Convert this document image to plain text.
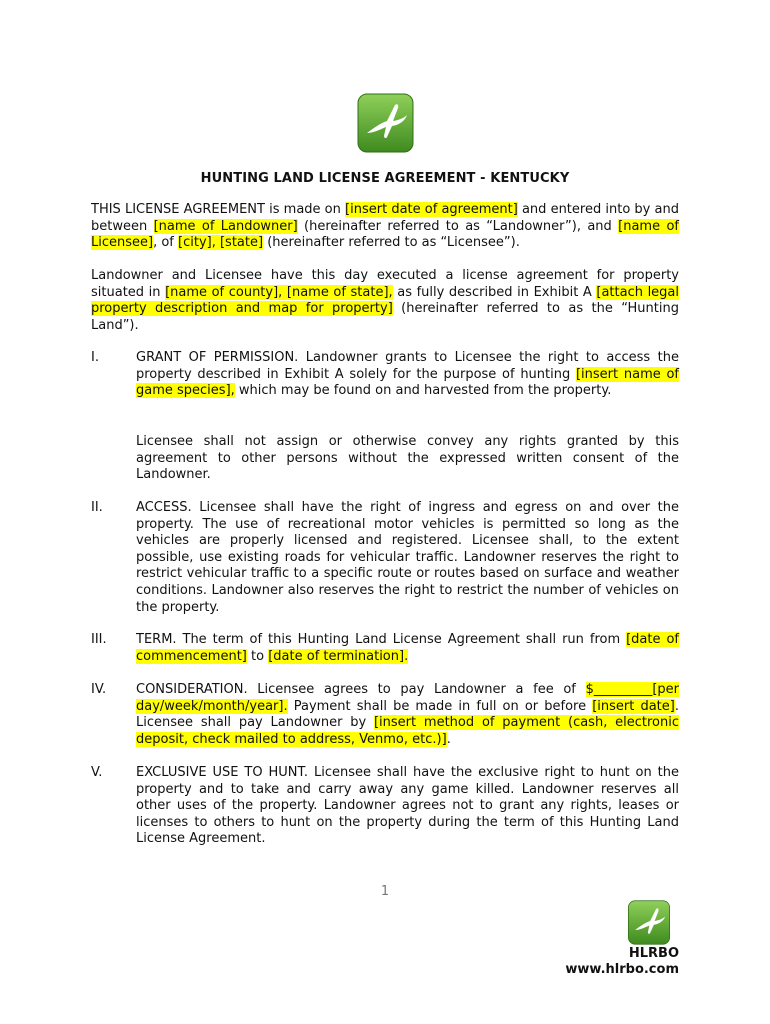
HUNTING LAND LICENSE AGREEMENT - KENTUCKY

THIS LICENSE AGREEMENT is made on [insert date of agreement] and entered into by and between [name of Landowner] (hereinafter referred to as “Landowner”), and [name of Licensee], of [city], [state] (hereinafter referred to as “Licensee”).

Landowner and Licensee have this day executed a license agreement for property situated in [name of county], [name of state], as fully described in Exhibit A [attach legal property description and map for property] (hereinafter referred to as the “Hunting Land”).

I.	GRANT OF PERMISSION. Landowner grants to Licensee the right to access the property described in Exhibit A solely for the purpose of hunting [insert name of game species], which may be found on and harvested from the property.

Licensee shall not assign or otherwise convey any rights granted by this agreement to other persons without the expressed written consent of the Landowner.

II.	ACCESS. Licensee shall have the right of ingress and egress on and over the property. The use of recreational motor vehicles is permitted so long as the vehicles are properly licensed and registered. Licensee shall, to the extent possible, use existing roads for vehicular traffic. Landowner reserves the right to restrict vehicular traffic to a specific route or routes based on surface and weather conditions. Landowner also reserves the right to restrict the number of vehicles on the property.

III. TERM. The term of this Hunting Land License Agreement shall run from [date of commencement] to [date of termination].

IV. CONSIDERATION. Licensee agrees to pay Landowner a fee of $_________[per day/week/month/year]. Payment shall be made in full on or before [insert date]. Licensee shall pay Landowner by [insert method of payment (cash, electronic deposit, check mailed to address, Venmo, etc.)].

V.	EXCLUSIVE USE TO HUNT. Licensee shall have the exclusive right to hunt on the property and to take and carry away any game killed. Landowner reserves all other uses of the property. Landowner agrees not to grant any rights, leases or licenses to others to hunt on the property during the term of this Hunting Land License Agreement.

1
HLRBO
www.hlrbo.com
